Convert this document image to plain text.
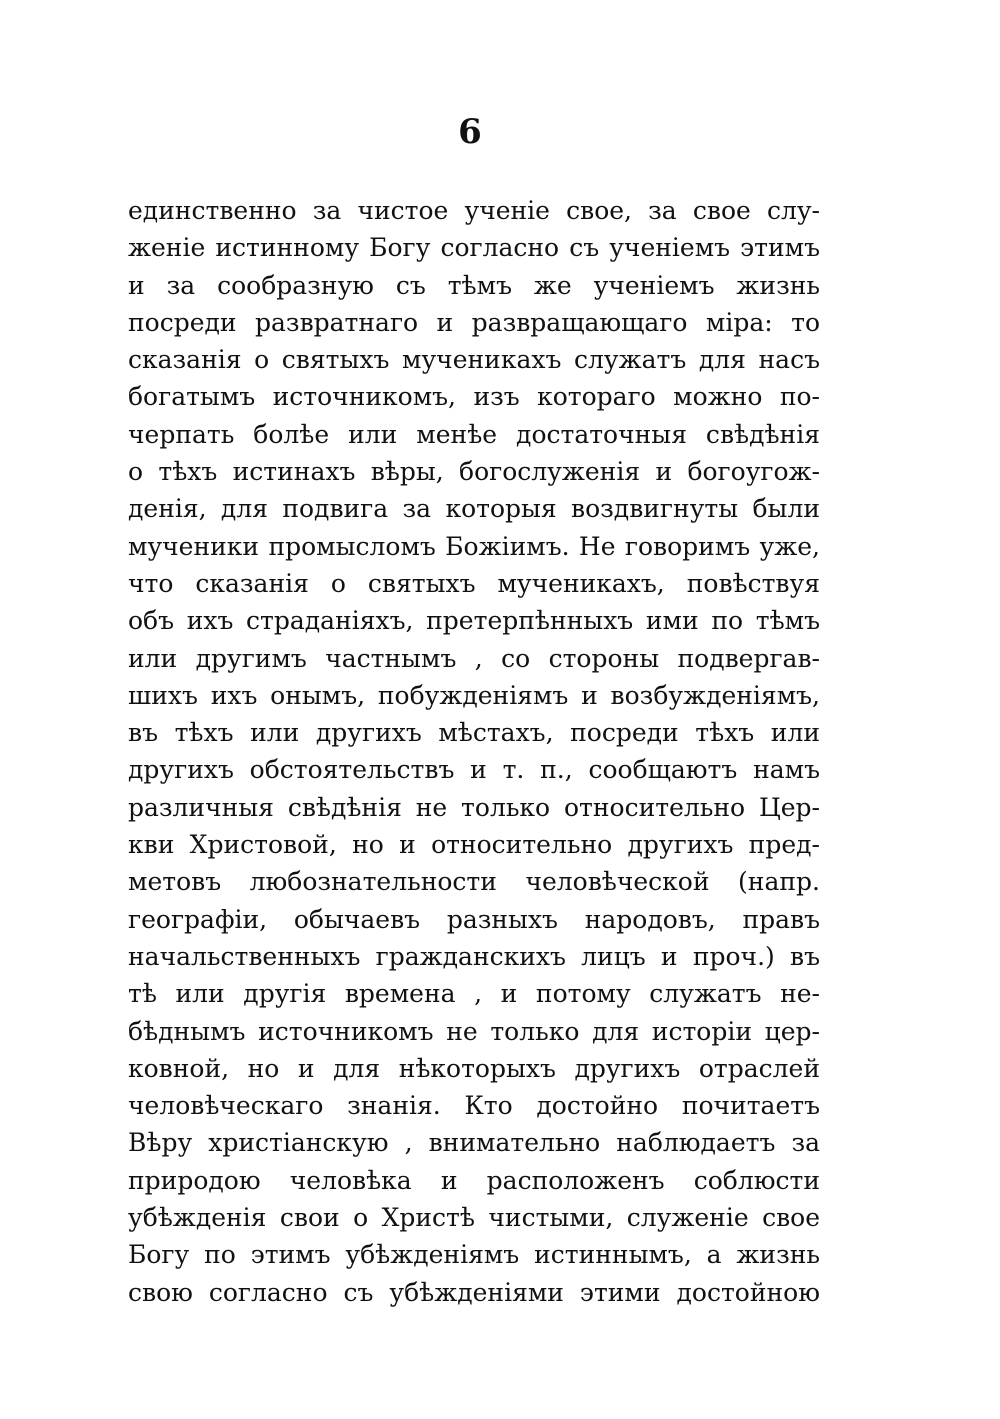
6
единственно за чистое ученіе свое, за свое слу-
женіе истинному Богу согласно съ ученіемъ этимъ
и за сообразную съ тѣмъ же ученіемъ жизнь
посреди развратнаго и развращающаго міра: то
сказанія о святыхъ мученикахъ служатъ для насъ
богатымъ источникомъ, изъ котораго можно по-
черпать болѣе или менѣе достаточныя свѣдѣнія
о тѣхъ истинахъ вѣры, богослуженія и богоугож-
денія, для подвига за которыя воздвигнуты были
мученики промысломъ Божіимъ. Не говоримъ уже,
что сказанія о святыхъ мученикахъ, повѣствуя
объ ихъ страданіяхъ, претерпѣнныхъ ими по тѣмъ
или другимъ частнымъ , со стороны подвергав-
шихъ ихъ онымъ, побужденіямъ и возбужденіямъ,
въ тѣхъ или другихъ мѣстахъ, посреди тѣхъ или
другихъ обстоятельствъ и т. п., сообщаютъ намъ
различныя свѣдѣнія не только относительно Цер-
кви Христовой, но и относительно другихъ пред-
метовъ любознательности человѣческой (напр.
географіи, обычаевъ разныхъ народовъ, правъ
начальственныхъ гражданскихъ лицъ и проч.) въ
тѣ или другія времена , и потому служатъ не-
бѣднымъ источникомъ не только для исторіи цер-
ковной, но и для нѣкоторыхъ другихъ отраслей
человѣческаго знанія. Кто достойно почитаетъ
Вѣру христіанскую , внимательно наблюдаетъ за
природою человѣка и расположенъ соблюсти
убѣжденія свои о Христѣ чистыми, служеніе свое
Богу по этимъ убѣжденіямъ истиннымъ, а жизнь
свою согласно съ убѣжденіями этими достойною
